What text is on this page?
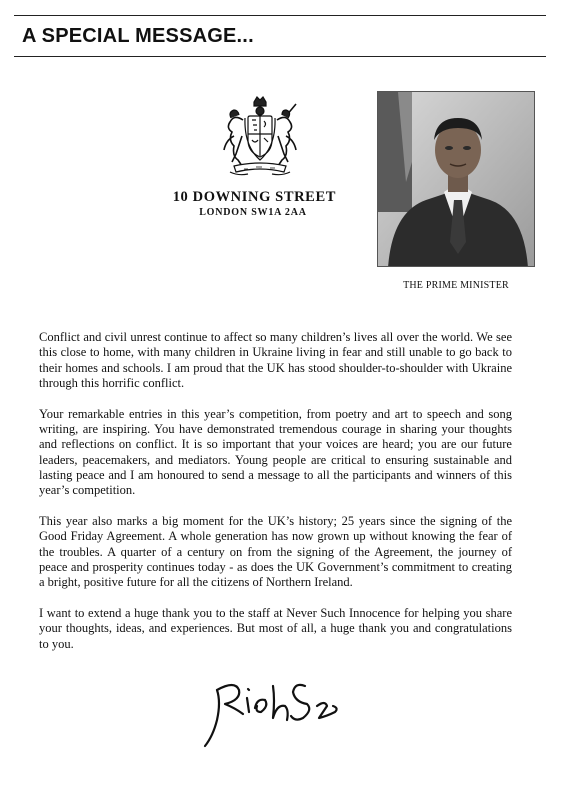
A SPECIAL MESSAGE...
10 DOWNING STREET
LONDON SW1A 2AA
THE PRIME MINISTER

Conflict and civil unrest continue to affect so many children’s lives all over the world. We see this close to home, with many children in Ukraine living in fear and still unable to go back to their homes and schools. I am proud that the UK has stood shoulder-to-shoulder with Ukraine through this horrific conflict.

Your remarkable entries in this year’s competition, from poetry and art to speech and song writing, are inspiring. You have demonstrated tremendous courage in sharing your thoughts and reflections on conflict. It is so important that your voices are heard; you are our future leaders, peacemakers, and mediators. Young people are critical to ensuring sustainable and lasting peace and I am honoured to send a message to all the participants and winners of this year’s competition.

This year also marks a big moment for the UK’s history; 25 years since the signing of the Good Friday Agreement. A whole generation has now grown up without knowing the fear of the troubles. A quarter of a century on from the signing of the Agreement, the journey of peace and prosperity continues today - as does the UK Government’s commitment to creating a bright, positive future for all the citizens of Northern Ireland.

I want to extend a huge thank you to the staff at Never Such Innocence for helping you share your thoughts, ideas, and experiences. But most of all, a huge thank you and congratulations to you.
